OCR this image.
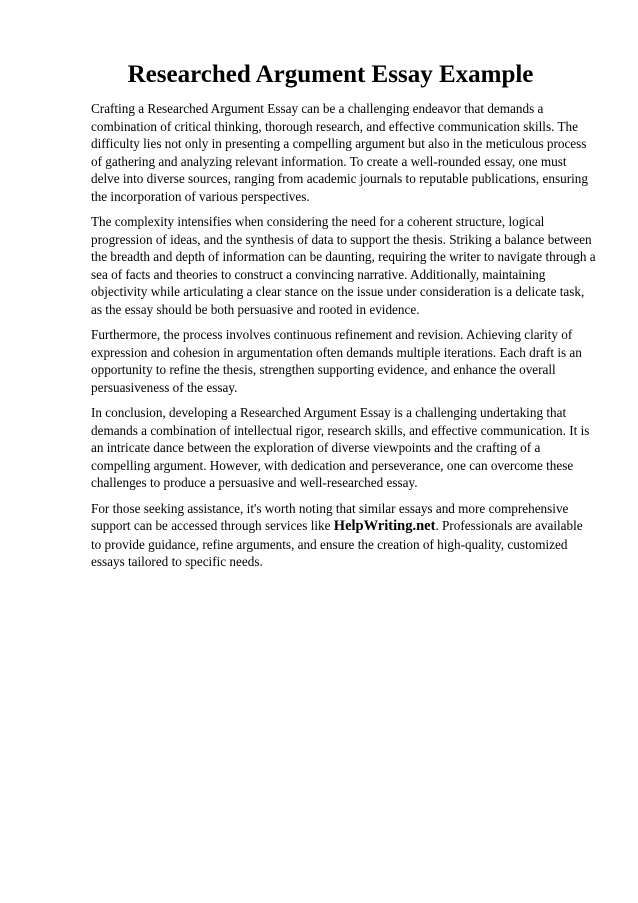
Researched Argument Essay Example

Crafting a Researched Argument Essay can be a challenging endeavor that demands a combination of critical thinking, thorough research, and effective communication skills. The difficulty lies not only in presenting a compelling argument but also in the meticulous process of gathering and analyzing relevant information. To create a well-rounded essay, one must delve into diverse sources, ranging from academic journals to reputable publications, ensuring the incorporation of various perspectives.

The complexity intensifies when considering the need for a coherent structure, logical progression of ideas, and the synthesis of data to support the thesis. Striking a balance between the breadth and depth of information can be daunting, requiring the writer to navigate through a sea of facts and theories to construct a convincing narrative. Additionally, maintaining objectivity while articulating a clear stance on the issue under consideration is a delicate task, as the essay should be both persuasive and rooted in evidence.

Furthermore, the process involves continuous refinement and revision. Achieving clarity of expression and cohesion in argumentation often demands multiple iterations. Each draft is an opportunity to refine the thesis, strengthen supporting evidence, and enhance the overall persuasiveness of the essay.

In conclusion, developing a Researched Argument Essay is a challenging undertaking that demands a combination of intellectual rigor, research skills, and effective communication. It is an intricate dance between the exploration of diverse viewpoints and the crafting of a compelling argument. However, with dedication and perseverance, one can overcome these challenges to produce a persuasive and well-researched essay.

For those seeking assistance, it's worth noting that similar essays and more comprehensive support can be accessed through services like HelpWriting.net. Professionals are available to provide guidance, refine arguments, and ensure the creation of high-quality, customized essays tailored to specific needs.
